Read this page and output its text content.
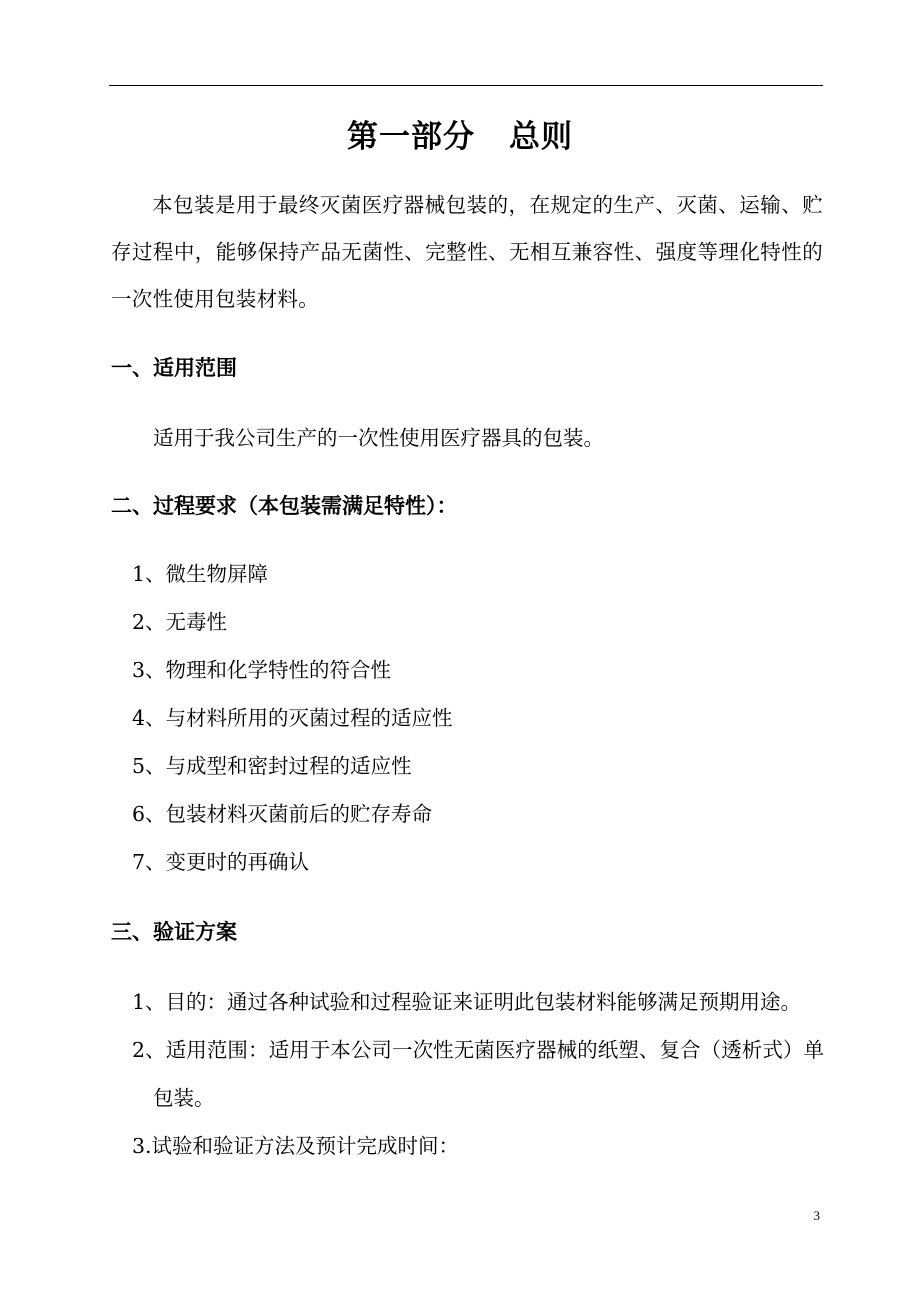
第一部分 总则
本包装是用于最终灭菌医疗器械包装的，在规定的生产、灭菌、运输、贮存过程中，能够保持产品无菌性、完整性、无相互兼容性、强度等理化特性的一次性使用包装材料。
一、适用范围
适用于我公司生产的一次性使用医疗器具的包装。
二、过程要求（本包装需满足特性）：
1、微生物屏障
2、无毒性
3、物理和化学特性的符合性
4、与材料所用的灭菌过程的适应性
5、与成型和密封过程的适应性
6、包装材料灭菌前后的贮存寿命
7、变更时的再确认
三、验证方案
1、目的：通过各种试验和过程验证来证明此包装材料能够满足预期用途。
2、适用范围：适用于本公司一次性无菌医疗器械的纸塑、复合（透析式）单包装。
3.试验和验证方法及预计完成时间：
3
